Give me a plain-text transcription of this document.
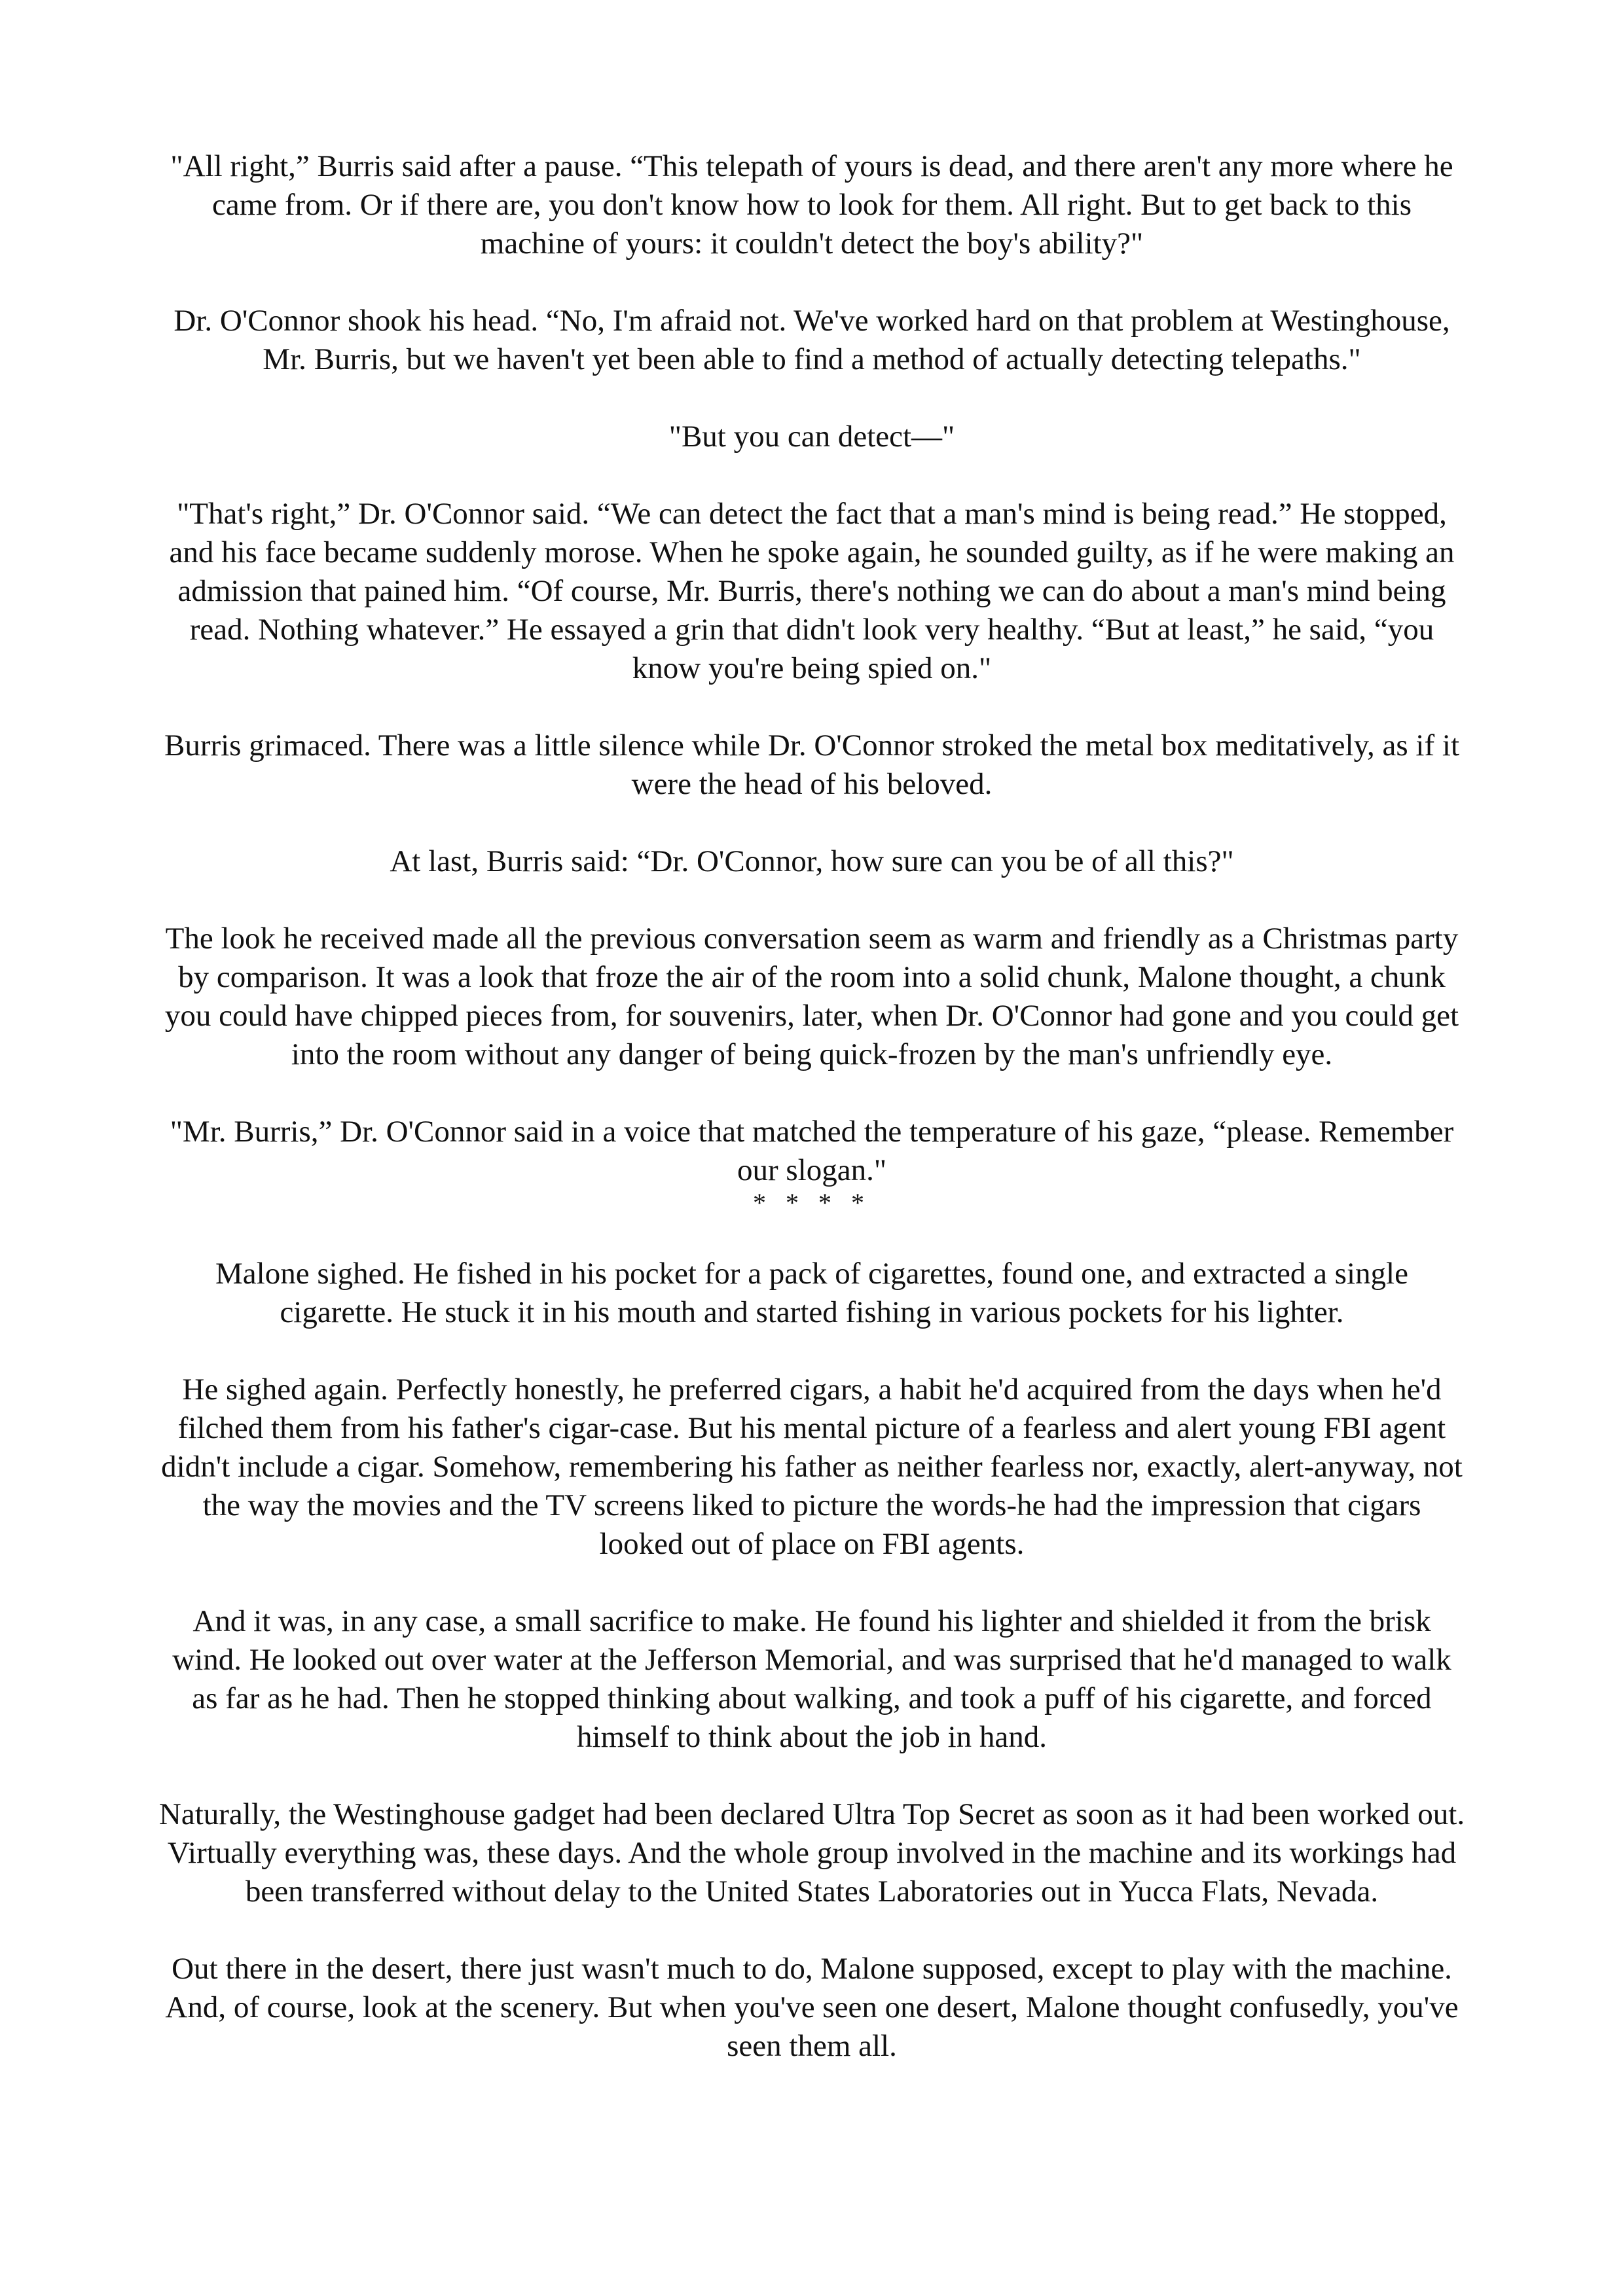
"All right,” Burris said after a pause. “This telepath of yours is dead, and there aren't any more where he came from. Or if there are, you don't know how to look for them. All right. But to get back to this machine of yours: it couldn't detect the boy's ability?"

Dr. O'Connor shook his head. “No, I'm afraid not. We've worked hard on that problem at Westinghouse, Mr. Burris, but we haven't yet been able to find a method of actually detecting telepaths."

"But you can detect—"

"That's right,” Dr. O'Connor said. “We can detect the fact that a man's mind is being read.” He stopped, and his face became suddenly morose. When he spoke again, he sounded guilty, as if he were making an admission that pained him. “Of course, Mr. Burris, there's nothing we can do about a man's mind being read. Nothing whatever.” He essayed a grin that didn't look very healthy. “But at least,” he said, “you know you're being spied on."

Burris grimaced. There was a little silence while Dr. O'Connor stroked the metal box meditatively, as if it were the head of his beloved.

At last, Burris said: “Dr. O'Connor, how sure can you be of all this?"

The look he received made all the previous conversation seem as warm and friendly as a Christmas party by comparison. It was a look that froze the air of the room into a solid chunk, Malone thought, a chunk you could have chipped pieces from, for souvenirs, later, when Dr. O'Connor had gone and you could get into the room without any danger of being quick-frozen by the man's unfriendly eye.

"Mr. Burris,” Dr. O'Connor said in a voice that matched the temperature of his gaze, “please. Remember our slogan."

* * * *

Malone sighed. He fished in his pocket for a pack of cigarettes, found one, and extracted a single cigarette. He stuck it in his mouth and started fishing in various pockets for his lighter.

He sighed again. Perfectly honestly, he preferred cigars, a habit he'd acquired from the days when he'd filched them from his father's cigar-case. But his mental picture of a fearless and alert young FBI agent didn't include a cigar. Somehow, remembering his father as neither fearless nor, exactly, alert-anyway, not the way the movies and the TV screens liked to picture the words-he had the impression that cigars looked out of place on FBI agents.

And it was, in any case, a small sacrifice to make. He found his lighter and shielded it from the brisk wind. He looked out over water at the Jefferson Memorial, and was surprised that he'd managed to walk as far as he had. Then he stopped thinking about walking, and took a puff of his cigarette, and forced himself to think about the job in hand.

Naturally, the Westinghouse gadget had been declared Ultra Top Secret as soon as it had been worked out. Virtually everything was, these days. And the whole group involved in the machine and its workings had been transferred without delay to the United States Laboratories out in Yucca Flats, Nevada.

Out there in the desert, there just wasn't much to do, Malone supposed, except to play with the machine. And, of course, look at the scenery. But when you've seen one desert, Malone thought confusedly, you've seen them all.
